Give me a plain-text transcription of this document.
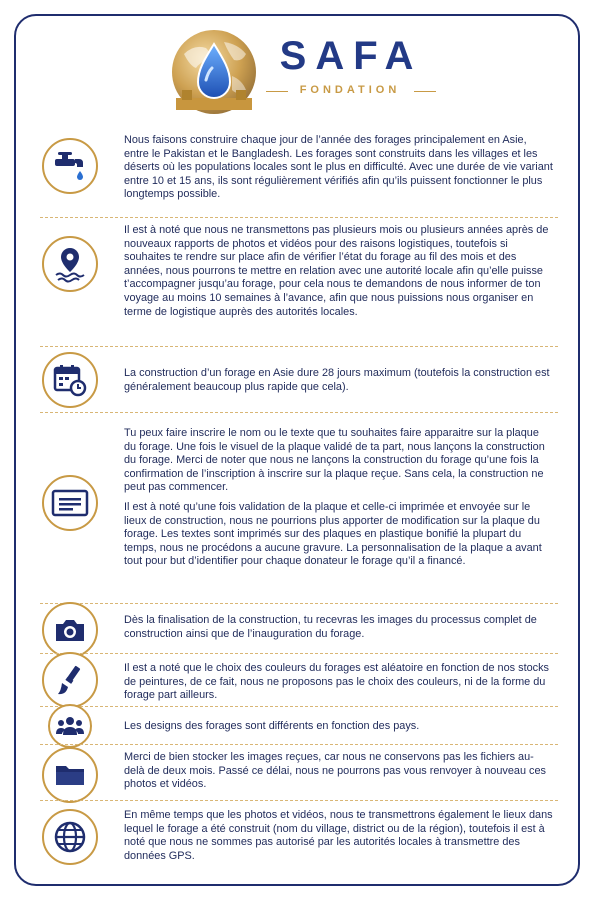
SAFA
FONDATION

Nous faisons construire chaque jour de l’année des forages principalement en Asie, entre le Pakistan et le Bangladesh. Les forages sont construits dans les villages et les déserts où les populations locales sont le plus en difficulté. Avec une durée de vie variant entre 10 et 15 ans, ils sont régulièrement vérifiés afin qu’ils puissent fonctionner le plus longtemps possible.

Il est à noté que nous ne transmettons pas plusieurs mois ou plusieurs années après de nouveaux rapports de photos et vidéos pour des raisons logistiques, toutefois si souhaites te rendre sur place afin de vérifier l’état du forage au fil des mois et des années, nous pourrons te mettre en relation avec une autorité locale afin qu’elle puisse t’accompagner jusqu’au forage, pour cela nous te demandons de nous informer de ton voyage au moins 10 semaines à l’avance, afin que nous puissions nous organiser en terme de logistique auprès des autorités locales.

La construction d’un forage en Asie dure 28 jours maximum (toutefois la construction est généralement beaucoup plus rapide que cela).

Tu peux faire inscrire le nom ou le texte que tu souhaites faire apparaitre sur la plaque du forage. Une fois le visuel de la plaque validé de ta part, nous lançons la construction du forage. Merci de noter que nous ne lançons la construction du forage qu’une fois la confirmation de l’inscription à inscrire sur la plaque reçue. Sans cela, la construction ne peut pas commencer.

Il est à noté qu’une fois validation de la plaque et celle-ci imprimée et envoyée sur le lieux de construction, nous ne pourrions plus apporter de modification sur la plaque du forage. Les textes sont imprimés sur des plaques en plastique bonifié la plupart du temps, nous ne procédons a aucune gravure. La personnalisation de la plaque a avant tout pour but d’identifier pour chaque donateur le forage qu’il a financé.

Dès la finalisation de la construction, tu recevras les images du processus complet de construction ainsi que de l’inauguration du forage.

Il est a noté que le choix des couleurs du forages est aléatoire en fonction de nos stocks de peintures, de ce fait, nous ne proposons pas le choix des couleurs, ni de la forme du forage part ailleurs.

Les designs des forages sont différents en fonction des pays.

Merci de bien stocker les images reçues, car nous ne conservons pas les fichiers au-delà de deux mois. Passé ce délai, nous ne pourrons pas vous renvoyer à nouveau ces photos et vidéos.

En même temps que les photos et vidéos, nous te transmettrons également le lieux dans lequel le forage a été construit (nom du village, district ou de la région), toutefois il est à noté que nous ne sommes pas autorisé par les autorités locales à transmettre des données GPS.
